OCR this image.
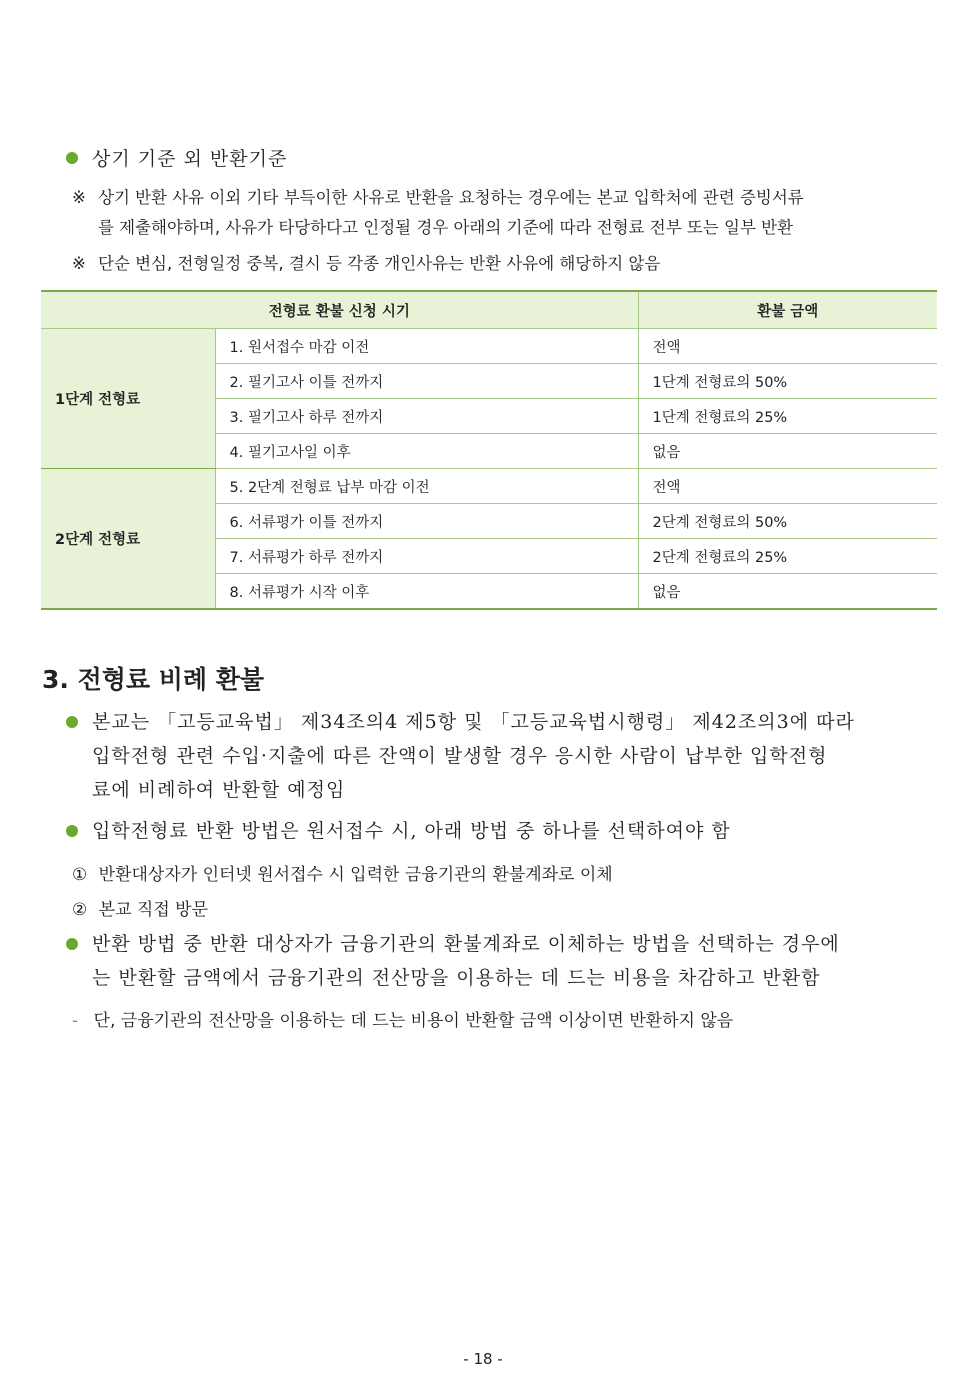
상기 기준 외 반환기준
※ 상기 반환 사유 이외 기타 부득이한 사유로 반환을 요청하는 경우에는 본교 입학처에 관련 증빙서류
를 제출해야하며, 사유가 타당하다고 인정될 경우 아래의 기준에 따라 전형료 전부 또는 일부 반환
※ 단순 변심, 전형일정 중복, 결시 등 각종 개인사유는 반환 사유에 해당하지 않음
전형료 환불 신청 시기		환불 금액
1단계 전형료	1. 원서접수 마감 이전	전액
	2. 필기고사 이틀 전까지	1단계 전형료의 50%
	3. 필기고사 하루 전까지	1단계 전형료의 25%
	4. 필기고사일 이후	없음
2단계 전형료	5. 2단계 전형료 납부 마감 이전	전액
	6. 서류평가 이틀 전까지	2단계 전형료의 50%
	7. 서류평가 하루 전까지	2단계 전형료의 25%
	8. 서류평가 시작 이후	없음
3. 전형료 비례 환불
본교는 「고등교육법」 제34조의4 제5항 및 「고등교육법시행령」 제42조의3에 따라
입학전형 관련 수입·지출에 따른 잔액이 발생할 경우 응시한 사람이 납부한 입학전형
료에 비례하여 반환할 예정임
입학전형료 반환 방법은 원서접수 시, 아래 방법 중 하나를 선택하여야 함
① 반환대상자가 인터넷 원서접수 시 입력한 금융기관의 환불계좌로 이체
② 본교 직접 방문
반환 방법 중 반환 대상자가 금융기관의 환불계좌로 이체하는 방법을 선택하는 경우에
는 반환할 금액에서 금융기관의 전산망을 이용하는 데 드는 비용을 차감하고 반환함
- 단, 금융기관의 전산망을 이용하는 데 드는 비용이 반환할 금액 이상이면 반환하지 않음
- 18 -
